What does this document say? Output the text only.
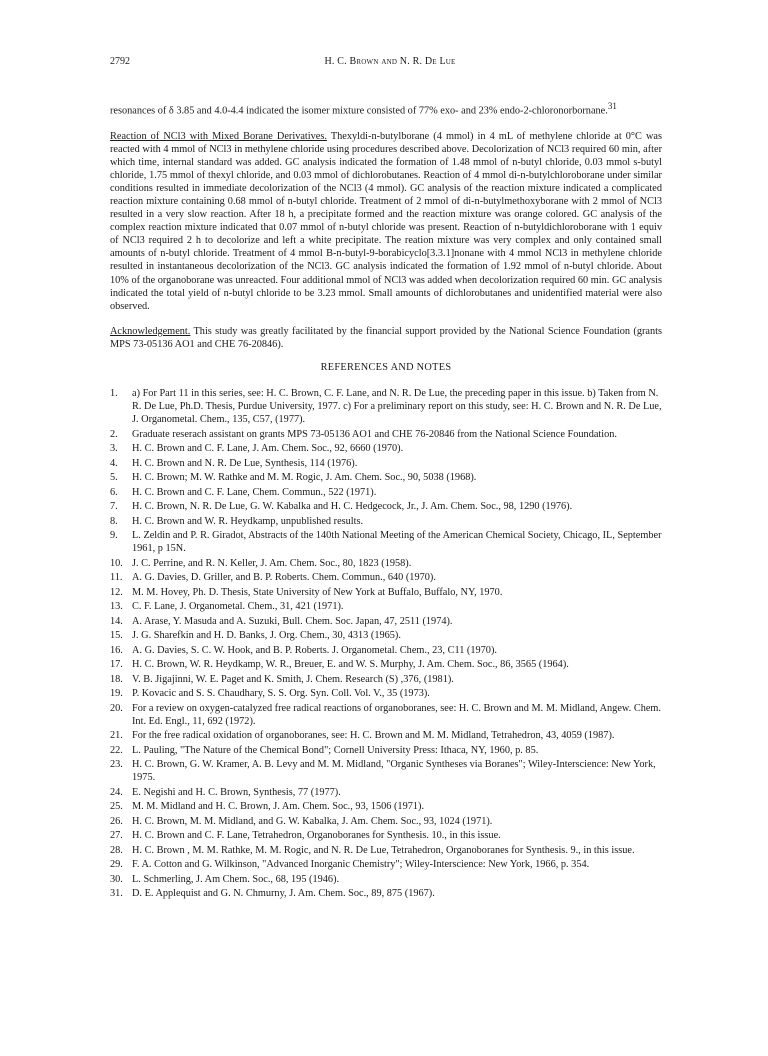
2792	H. C. Brown and N. R. De Lue

resonances of δ 3.85 and 4.0-4.4 indicated the isomer mixture consisted of 77% exo- and 23% endo-2-chloronorbornane.$^{31}$

Reaction of NCl3 with Mixed Borane Derivatives. Thexyldi-n-butylborane (4 mmol) in 4 mL of methylene chloride at 0°C was reacted with 4 mmol of NCl3 in methylene chloride using procedures described above. Decolorization of NCl3 required 60 min, after which time, internal standard was added. GC analysis indicated the formation of 1.48 mmol of n-butyl chloride, 0.03 mmol s-butyl chloride, 1.75 mmol of thexyl chloride, and 0.03 mmol of dichlorobutanes. Reaction of 4 mmol di-n-butylchloroborane under similar conditions resulted in immediate decolorization of the NCl3 (4 mmol). GC analysis of the reaction mixture indicated a complicated reaction mixture containing 0.68 mmol of n-butyl chloride. Treatment of 2 mmol of di-n-butylmethoxyborane with 2 mmol of NCl3 resulted in a very slow reaction. After 18 h, a precipitate formed and the reaction mixture was orange colored. GC analysis of the complex reaction mixture indicated that 0.07 mmol of n-butyl chloride was present. Reaction of n-butyldichloroborane with 1 equiv of NCl3 required 2 h to decolorize and left a white precipitate. The reation mixture was very complex and only contained small amounts of n-butyl chloride. Treatment of 4 mmol B-n-butyl-9-borabicyclo[3.3.1]nonane with 4 mmol NCl3 in methylene chloride resulted in instantaneous decolorization of the NCl3. GC analysis indicated the formation of 1.92 mmol of n-butyl chloride. About 10% of the organoborane was unreacted. Four additional mmol of NCl3 was added when decolorization required 60 min. GC analysis indicated the total yield of n-butyl chloride to be 3.23 mmol. Small amounts of dichlorobutanes and unidentified material were also observed.

Acknowledgement. This study was greatly facilitated by the financial support provided by the National Science Foundation (grants MPS 73-05136 AO1 and CHE 76-20846).

REFERENCES AND NOTES
1.	a) For Part 11 in this series, see: H. C. Brown, C. F. Lane, and N. R. De Lue, the preceding paper in this issue. b) Taken from N. R. De Lue, Ph.D. Thesis, Purdue University, 1977. c) For a preliminary report on this study, see: H. C. Brown and N. R. De Lue, J. Organometal. Chem., 135, C57, (1977).
2.	Graduate reserach assistant on grants MPS 73-05136 AO1 and CHE 76-20846 from the National Science Foundation.
3.	H. C. Brown and C. F. Lane, J. Am. Chem. Soc., 92, 6660 (1970).
4.	H. C. Brown and N. R. De Lue, Synthesis, 114 (1976).
5.	H. C. Brown; M. W. Rathke and M. M. Rogic, J. Am. Chem. Soc., 90, 5038 (1968).
6.	H. C. Brown and C. F. Lane, Chem. Commun., 522 (1971).
7.	H. C. Brown, N. R. De Lue, G. W. Kabalka and H. C. Hedgecock, Jr., J. Am. Chem. Soc., 98, 1290 (1976).
8.	H. C. Brown and W. R. Heydkamp, unpublished results.
9.	L. Zeldin and P. R. Giradot, Abstracts of the 140th National Meeting of the American Chemical Society, Chicago, IL, September 1961, p 15N.
10. J. C. Perrine, and R. N. Keller, J. Am. Chem. Soc., 80, 1823 (1958).
11. A. G. Davies, D. Griller, and B. P. Roberts. Chem. Commun., 640 (1970).
12. M. M. Hovey, Ph. D. Thesis, State University of New York at Buffalo, Buffalo, NY, 1970.
13. C. F. Lane, J. Organometal. Chem., 31, 421 (1971).
14. A. Arase, Y. Masuda and A. Suzuki, Bull. Chem. Soc. Japan, 47, 2511 (1974).
15. J. G. Sharefkin and H. D. Banks, J. Org. Chem., 30, 4313 (1965).
16. A. G. Davies, S. C. W. Hook, and B. P. Roberts. J. Organometal. Chem., 23, C11 (1970).
17. H. C. Brown, W. R. Heydkamp, W. R., Breuer, E. and W. S. Murphy, J. Am. Chem. Soc., 86, 3565 (1964).
18. V. B. Jigajinni, W. E. Paget and K. Smith, J. Chem. Research (S) ,376, (1981).
19. P. Kovacic and S. S. Chaudhary, S. S. Org. Syn. Coll. Vol. V., 35 (1973).
20. For a review on oxygen-catalyzed free radical reactions of organoboranes, see: H. C. Brown and M. M. Midland, Angew. Chem. Int. Ed. Engl., 11, 692 (1972).
21. For the free radical oxidation of organoboranes, see: H. C. Brown and M. M. Midland, Tetrahedron, 43, 4059 (1987).
22. L. Pauling, "The Nature of the Chemical Bond"; Cornell University Press: Ithaca, NY, 1960, p. 85.
23. H. C. Brown, G. W. Kramer, A. B. Levy and M. M. Midland, "Organic Syntheses via Boranes"; Wiley-Interscience: New York, 1975.
24. E. Negishi and H. C. Brown, Synthesis, 77 (1977).
25. M. M. Midland and H. C. Brown, J. Am. Chem. Soc., 93, 1506 (1971).
26. H. C. Brown, M. M. Midland, and G. W. Kabalka, J. Am. Chem. Soc., 93, 1024 (1971).
27. H. C. Brown and C. F. Lane, Tetrahedron, Organoboranes for Synthesis. 10., in this issue.
28. H. C. Brown , M. M. Rathke, M. M. Rogic, and N. R. De Lue, Tetrahedron, Organoboranes for Synthesis. 9., in this issue.
29. F. A. Cotton and G. Wilkinson, "Advanced Inorganic Chemistry"; Wiley-Interscience: New York, 1966, p. 354.
30. L. Schmerling, J. Am Chem. Soc., 68, 195 (1946).
31. D. E. Applequist and G. N. Chmurny, J. Am. Chem. Soc., 89, 875 (1967).
